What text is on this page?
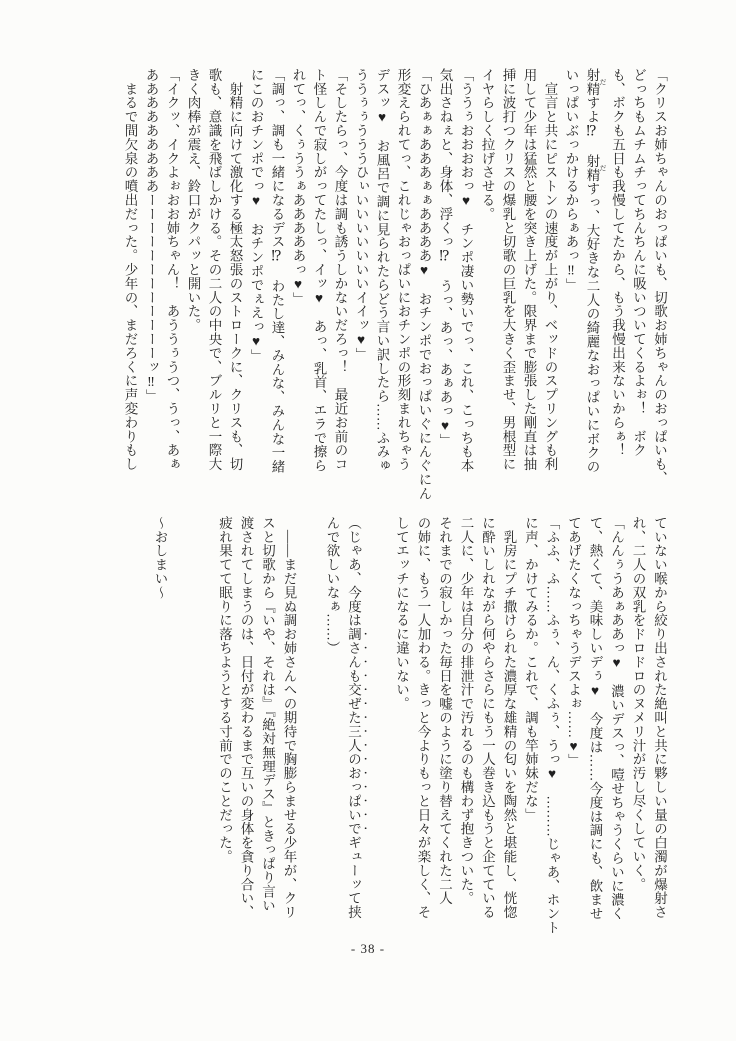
「クリスお姉ちゃんのおっぱいも、切歌お姉ちゃんのおっぱいも、

どっちもムチムチってちんちんに吸いついてくるよぉ！　ボク

も、ボクも五日も我慢してたから、もう我慢出来ないからぁ！

射精 だすよ⁉　射精 だすっ、大好きな二人の綺麗なおっぱいにボクの

いっぱいぶっかけるからぁあっ‼」

　宣言と共にピストンの速度が上がり、ベッドのスプリングも利

用して少年は猛然と腰を突き上げた。限界まで膨張した剛直は抽

挿に波打つクリスの爆乳と切歌の巨乳を大きく歪ませ、男根型に

イヤらしく拉げさせる。

「ううぅおおおおっ♥　チンポ凄い勢いでっ、これ、こっちも本

気出さねぇと、身体、浮くっ⁉　うっ、あっ、あぁあっ♥」

「ひあぁぁあああぁぁああああ♥　おチンポでおっぱいぐにんぐにん

形変えられてっ、これじゃおっぱいにおチンポの形刻まれちゃう

デスッ♥　お風呂で調に見られたらどう言い訳したら……ふみゅ

ううぅぅうううひぃいいいいいいいイイッ♥」

「そしたらっ、今度は調も誘うしかないだろっ！　最近お前のコ

ト怪しんで寂しがってたしっ、イッ♥　あっ、乳首、エラで擦ら

れてっ、くぅううぁあああああっ♥」

「調っ、調も一緒になるデス⁉　わたし達、みんな、みんな一緒

にこのおチンポでっ♥　おチンポでぇえっ♥」

　射精に向けて激化する極太怒張のストロークに、クリスも、切

歌も、意識を飛ばしかける。その二人の中央で、ブルリと一際大

きく肉棒が震え、鈴口がクパッと開いた。

「イクッ、イクよぉおお姉ちゃん！　あううぅうつ、うっ、あぁ

あああああああああーーーーーーーーーーーーッ‼」

　まるで間欠泉の噴出だった。少年の、まだろくに声変わりもし

ていない喉から絞り出された絶叫と共に夥しい量の白濁が爆射さ

れ、二人の双乳をドロドロのヌメリ汁が汚し尽くしていく。

「んんぅうあぁああっ♥　濃いデスっ、噎せちゃうくらいに濃く

て、熱くて、美味しいデぅ♥　今度は……今度は調にも、飲ませ

てあげたくなっちゃうデスよぉ……♥」

「ふふ、ふ……ふぅ、ん、くふぅ、うっ♥　………じゃあ、ホント

に声、かけてみるか。これで、調も竿姉妹だな」

　乳房にプチ撒けられた濃厚な雄精の匂いを陶然と堪能し、恍惚

に酔いしれながら何やらさらにもう一人巻き込もうと企てている

二人に、少年は自分の排泄汁で汚れるのも構わず抱きついた。

それまでの寂しかった毎日を嘘のように塗り替えてくれた二人

の姉に、もう一人加わる。きっと今よりもっと日々が楽しく、そ

してエッチになるに違いない。

（じゃあ、今度は調さんも交ぜた三人のおっぱいでギューッて挟

んで欲しいなぁ……）

　――まだ見ぬ調お姉さんへの期待で胸膨らませる少年が、クリ

スと切歌から『いや、それは』『絶対無理デス』ときっぱり言い

渡されてしまうのは、日付が変わるまで互いの身体を貪り合い、

疲れ果てて眠りに落ちようとする寸前でのことだった。

〜おしまい〜

- 38 -
